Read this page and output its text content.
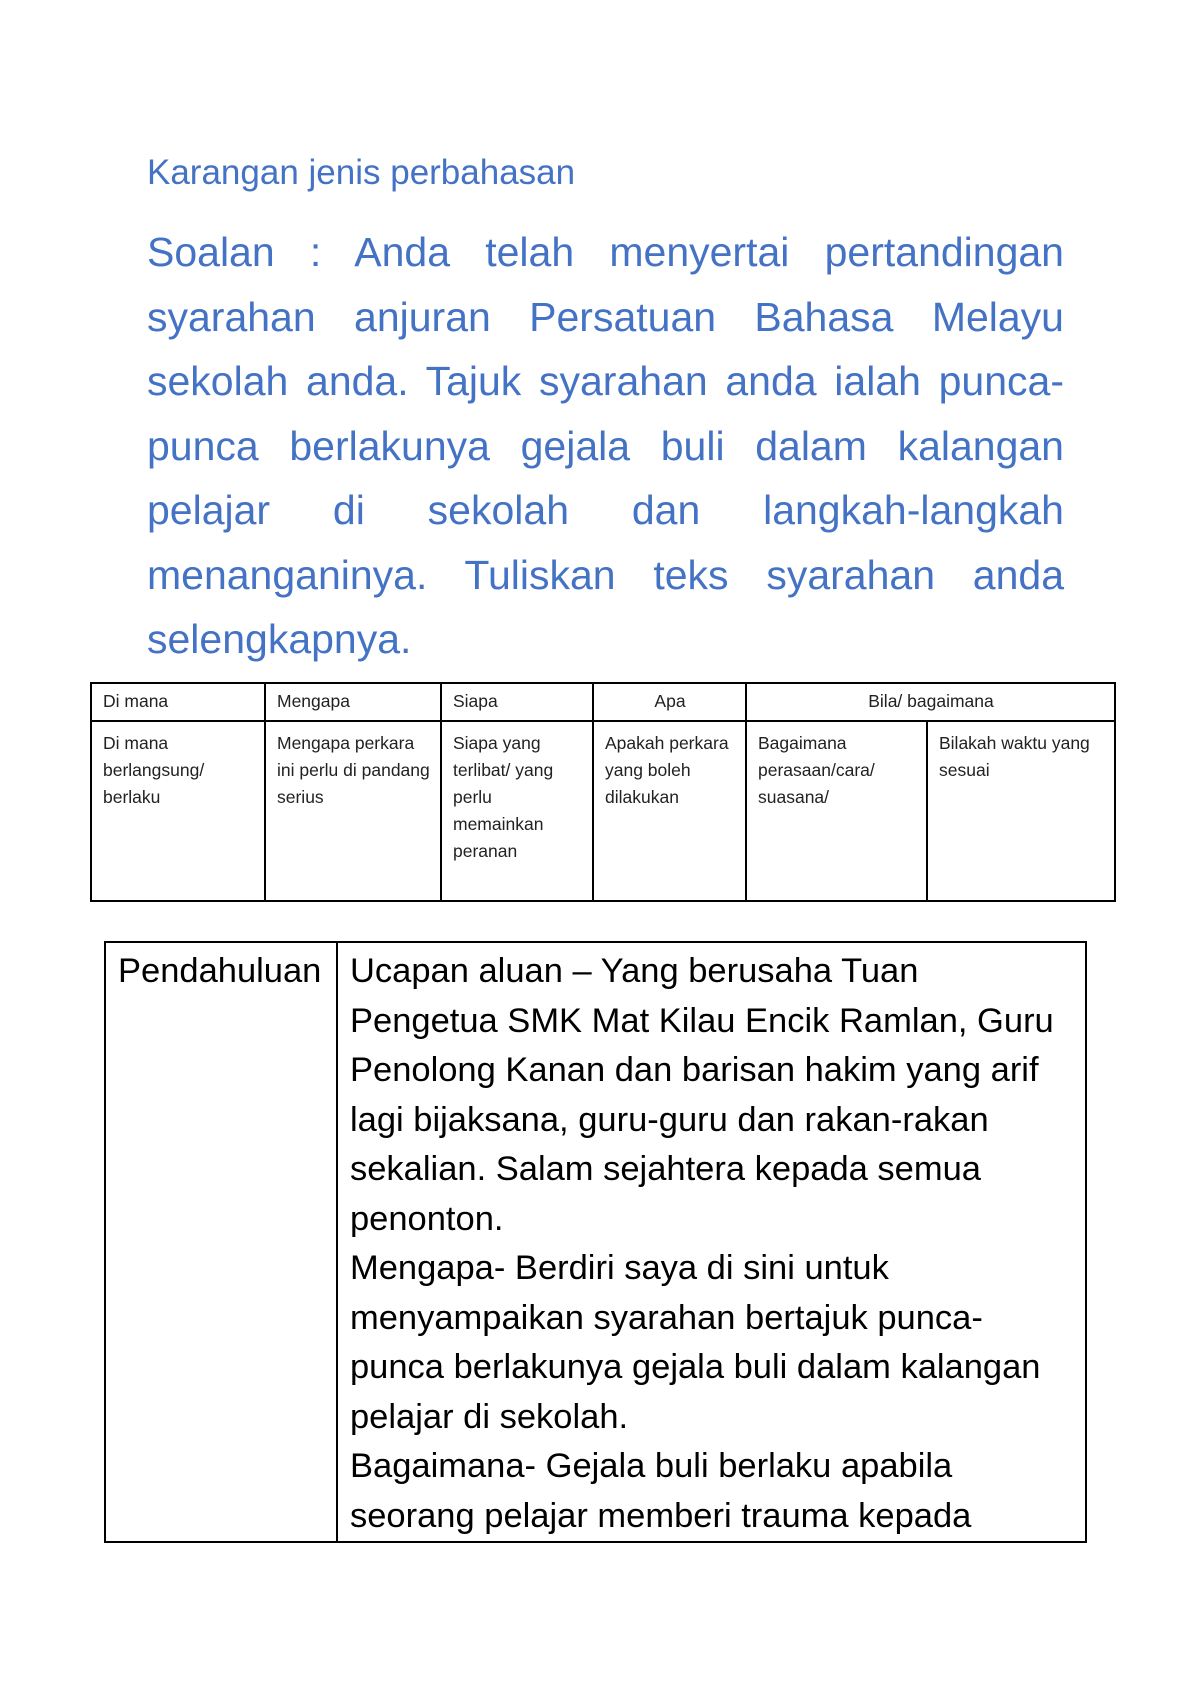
Karangan jenis perbahasan

Soalan : Anda telah menyertai pertandingan syarahan anjuran Persatuan Bahasa Melayu sekolah anda. Tajuk syarahan anda ialah punca-punca berlakunya gejala buli dalam kalangan pelajar di sekolah dan langkah-langkah menanganinya. Tuliskan teks syarahan anda selengkapnya.

Di mana	Mengapa	Siapa	Apa	Bila/ bagaimana	
Di mana berlangsung/ berlaku	Mengapa perkara ini perlu di pandang serius	Siapa yang terlibat/ yang perlu memainkan peranan	Apakah perkara yang boleh dilakukan	Bagaimana perasaan/cara/ suasana/	Bilakah waktu yang sesuai
Pendahuluan	Ucapan aluan – Yang berusaha Tuan Pengetua SMK Mat Kilau Encik Ramlan, Guru Penolong Kanan dan barisan hakim yang arif lagi bijaksana, guru-guru dan rakan-rakan sekalian. Salam sejahtera kepada semua penonton.
Mengapa- Berdiri saya di sini untuk menyampaikan syarahan bertajuk punca-punca berlakunya gejala buli dalam kalangan pelajar di sekolah.
Bagaimana- Gejala buli berlaku apabila seorang pelajar memberi trauma kepada
